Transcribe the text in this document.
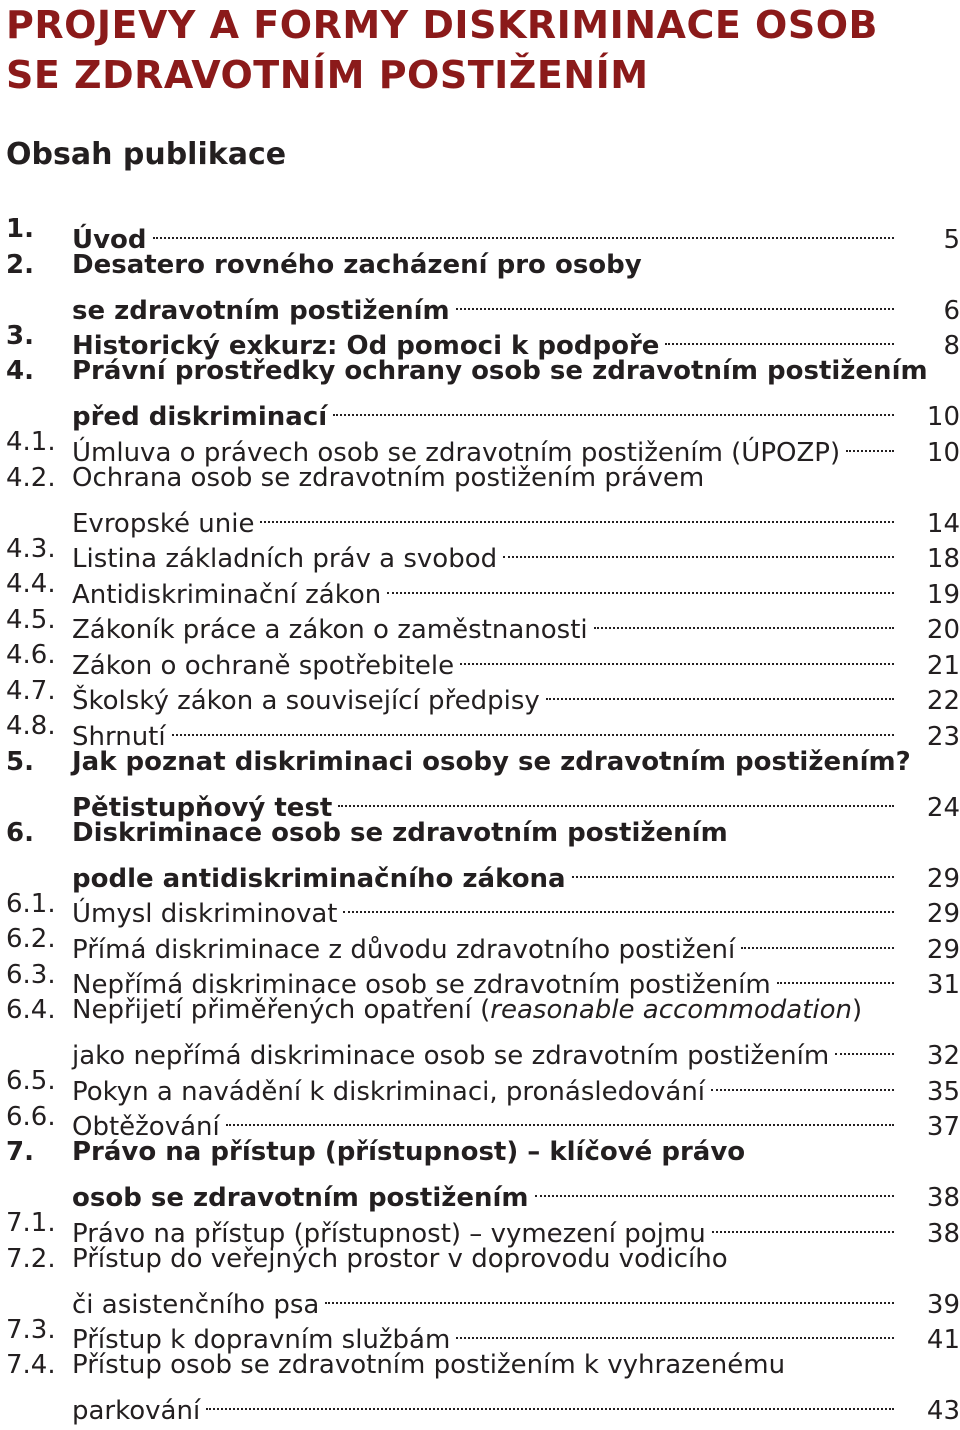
PROJEVY A FORMY DISKRIMINACE OSOB
SE ZDRAVOTNÍM POSTIŽENÍM
Obsah publikace
1. Úvod	5
2. Desatero rovného zacházení pro osoby
se zdravotním postižením	6
3. Historický exkurz: Od pomoci k podpoře	8
4. Právní prostředky ochrany osob se zdravotním postižením
před diskriminací	10
4.1. Úmluva o právech osob se zdravotním postižením (ÚPOZP)	10
4.2. Ochrana osob se zdravotním postižením právem
Evropské unie	14
4.3. Listina základních práv a svobod	18
4.4. Antidiskriminační zákon	19
4.5. Zákoník práce a zákon o zaměstnanosti	20
4.6. Zákon o ochraně spotřebitele	21
4.7. Školský zákon a související předpisy	22
4.8. Shrnutí	23
5. Jak poznat diskriminaci osoby se zdravotním postižením?
Pětistupňový test	24
6. Diskriminace osob se zdravotním postižením
podle antidiskriminačního zákona	29
6.1. Úmysl diskriminovat	29
6.2. Přímá diskriminace z důvodu zdravotního postižení	29
6.3. Nepřímá diskriminace osob se zdravotním postižením	31
6.4. Nepřijetí přiměřených opatření (reasonable accommodation)
jako nepřímá diskriminace osob se zdravotním postižením	32
6.5. Pokyn a navádění k diskriminaci, pronásledování	35
6.6. Obtěžování	37
7. Právo na přístup (přístupnost) – klíčové právo
osob se zdravotním postižením	38
7.1. Právo na přístup (přístupnost) – vymezení pojmu	38
7.2. Přístup do veřejných prostor v doprovodu vodicího
či asistenčního psa	39
7.3. Přístup k dopravním službám	41
7.4. Přístup osob se zdravotním postižením k vyhrazenému
parkování	43
